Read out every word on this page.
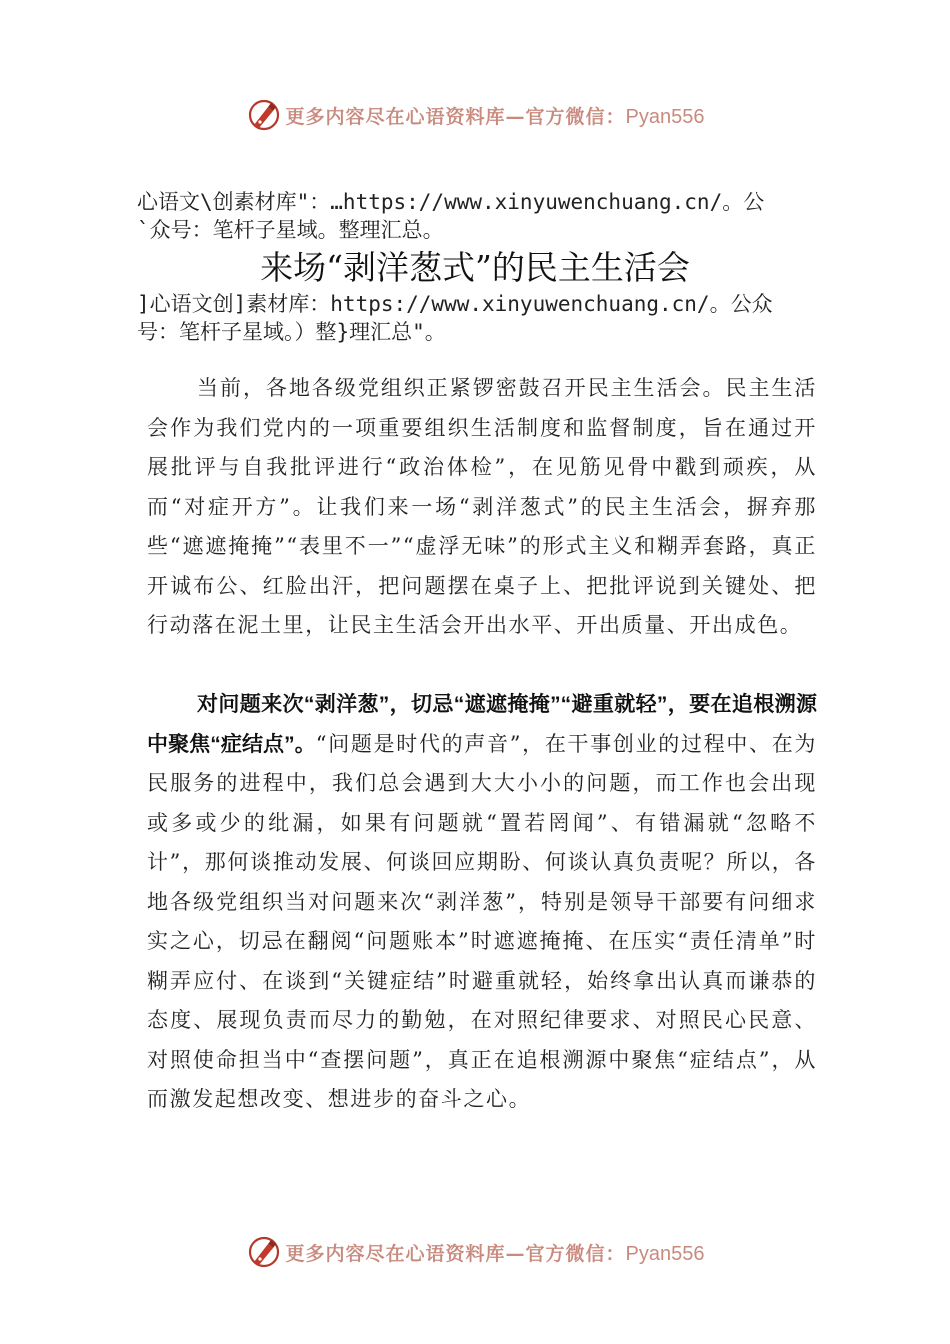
更多内容尽在心语资料库—官方微信：Pyan556
心语文\创素材库"：…https://www.xinyuwenchuang.cn/。公
`众号：笔杆子星域。整理汇总。
来场“剥洋葱式”的民主生活会
]心语文创]素材库：https://www.xinyuwenchuang.cn/。公众
号：笔杆子星域。）整}理汇总"。
当前，各地各级党组织正紧锣密鼓召开民主生活会。民主生活会作为我们党内的一项重要组织生活制度和监督制度，旨在通过开展批评与自我批评进行“政治体检”，在见筋见骨中戳到顽疾，从而“对症开方”。让我们来一场“剥洋葱式”的民主生活会，摒弃那些“遮遮掩掩”“表里不一”“虚浮无味”的形式主义和糊弄套路，真正开诚布公、红脸出汗，把问题摆在桌子上、把批评说到关键处、把行动落在泥土里，让民主生活会开出水平、开出质量、开出成色。
对问题来次“剥洋葱”，切忌“遮遮掩掩”“避重就轻”，要在追根溯源中聚焦“症结点”。“问题是时代的声音”，在干事创业的过程中、在为民服务的进程中，我们总会遇到大大小小的问题，而工作也会出现或多或少的纰漏，如果有问题就“置若罔闻”、有错漏就“忽略不计”，那何谈推动发展、何谈回应期盼、何谈认真负责呢？所以，各地各级党组织当对问题来次“剥洋葱”，特别是领导干部要有问细求实之心，切忌在翻阅“问题账本”时遮遮掩掩、在压实“责任清单”时糊弄应付、在谈到“关键症结”时避重就轻，始终拿出认真而谦恭的态度、展现负责而尽力的勤勉，在对照纪律要求、对照民心民意、对照使命担当中“查摆问题”，真正在追根溯源中聚焦“症结点”，从而激发起想改变、想进步的奋斗之心。
更多内容尽在心语资料库—官方微信：Pyan556
